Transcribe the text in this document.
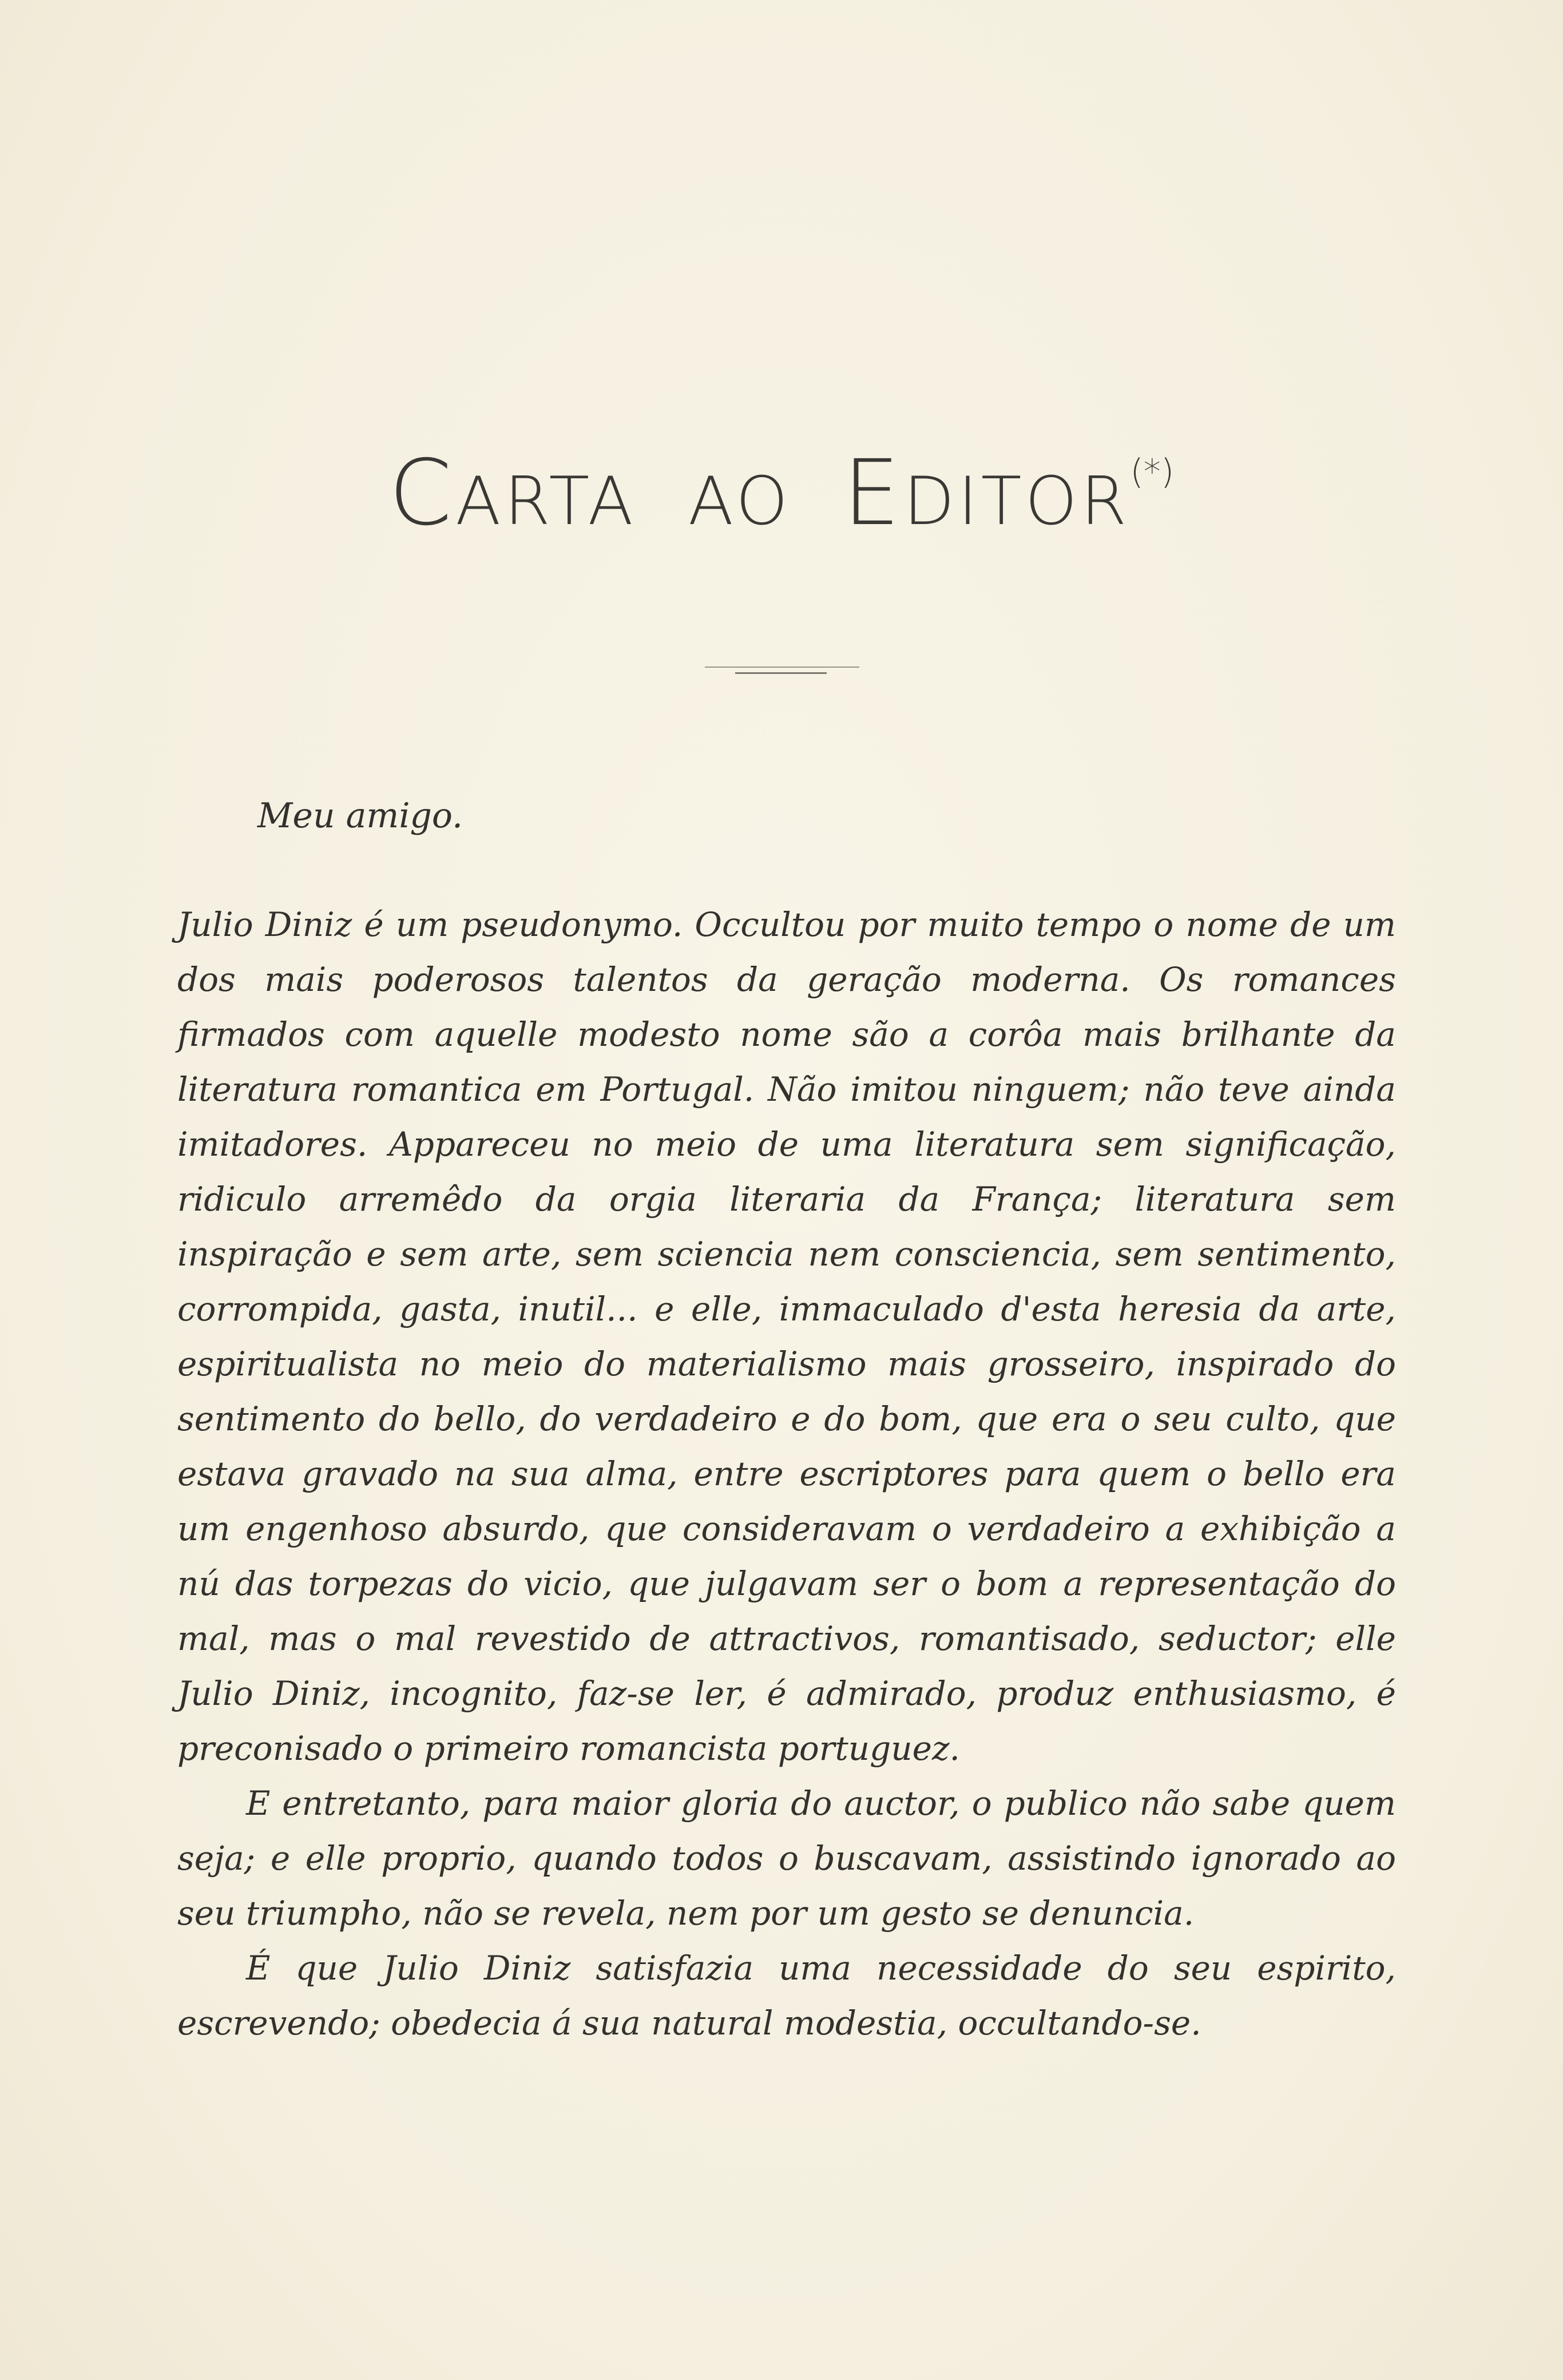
CARTA AO EDITOR(*)
Meu amigo.

Julio Diniz é um pseudonymo. Occultou por muito tempo o nome de um dos mais poderosos talentos da geração moderna. Os romances firmados com aquelle modesto nome são a corôa mais brilhante da literatura romantica em Portugal. Não imitou ninguem; não teve ainda imitadores. Appareceu no meio de uma literatura sem significação, ridiculo arremêdo da orgia literaria da França; literatura sem inspiração e sem arte, sem sciencia nem consciencia, sem sentimento, corrompida, gasta, inutil... e elle, immaculado d'esta heresia da arte, espiritualista no meio do materialismo mais grosseiro, inspirado do sentimento do bello, do verdadeiro e do bom, que era o seu culto, que estava gravado na sua alma, entre escriptores para quem o bello era um engenhoso absurdo, que consideravam o verdadeiro a exhibição a nú das torpezas do vicio, que julgavam ser o bom a representação do mal, mas o mal revestido de attractivos, romantisado, seductor; elle Julio Diniz, incognito, faz-se ler, é admirado, produz enthusiasmo, é preconisado o primeiro romancista portuguez.

E entretanto, para maior gloria do auctor, o publico não sabe quem seja; e elle proprio, quando todos o buscavam, assistindo ignorado ao seu triumpho, não se revela, nem por um gesto se denuncia.

É que Julio Diniz satisfazia uma necessidade do seu espirito, escrevendo; obedecia á sua natural modestia, occultando-se.
